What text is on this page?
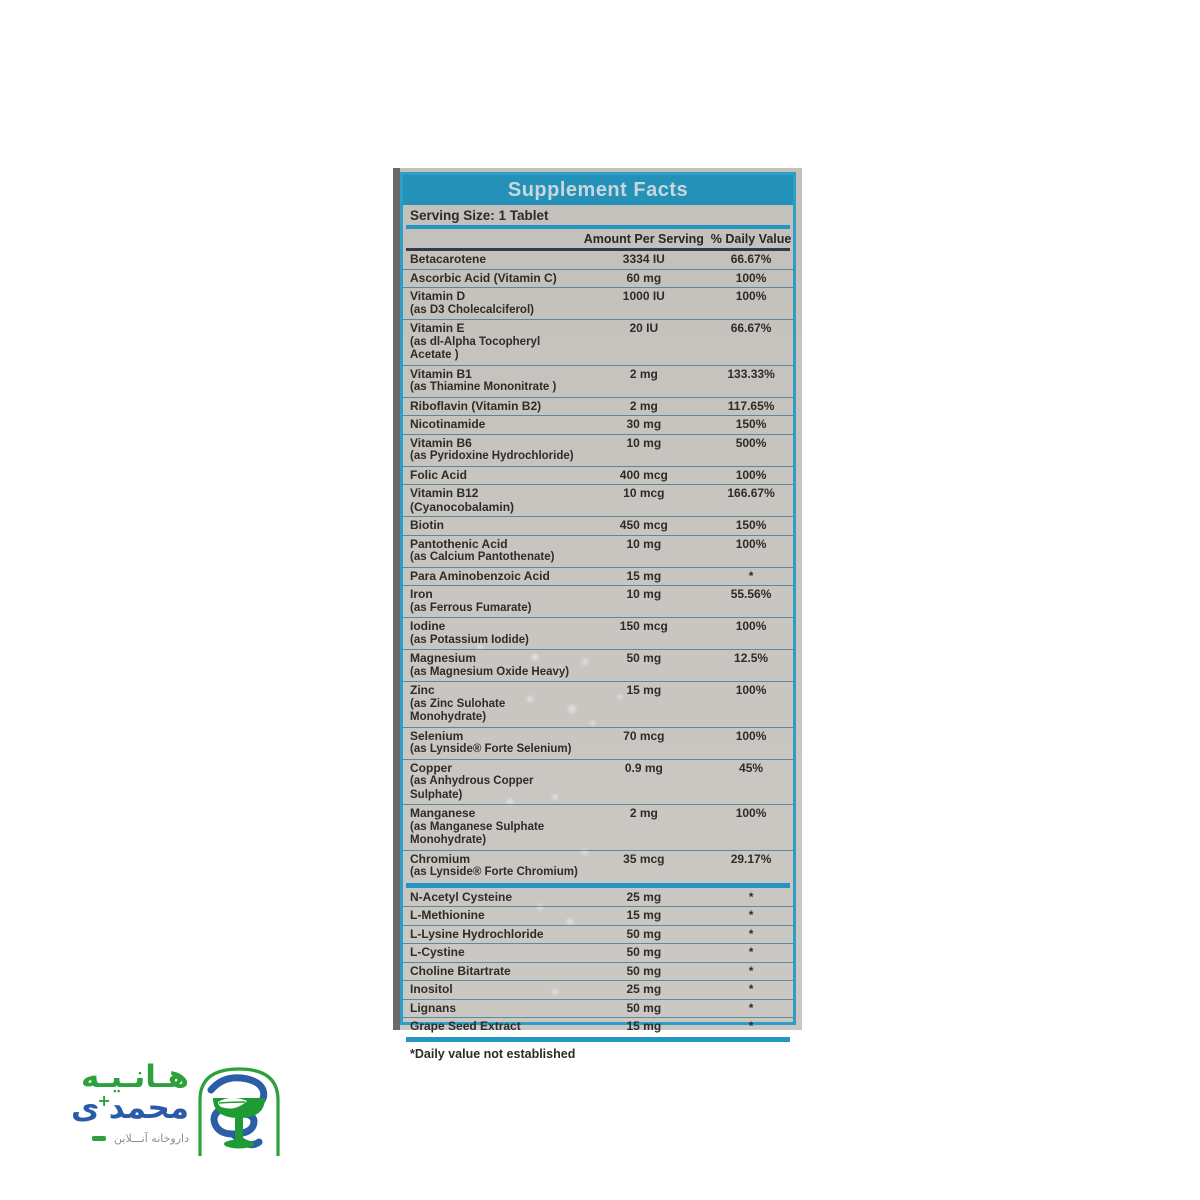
Supplement Facts
Serving Size: 1 Tablet
Amount Per Serving % Daily Value
Betacarotene	3334 IU	66.67%
Ascorbic Acid (Vitamin C)	60 mg	100%
Vitamin D
(as D3 Cholecalciferol)
1000 IU	100%
Vitamin E
(as dl-Alpha Tocopheryl Acetate )
20 IU	66.67%
Vitamin B1
(as Thiamine Mononitrate )
2 mg	133.33%
Riboflavin (Vitamin B2)	2 mg	117.65%
Nicotinamide	30 mg	150%
Vitamin B6
(as Pyridoxine Hydrochloride)
10 mg	500%
Folic Acid	400 mcg	100%
Vitamin B12 (Cyanocobalamin)
10 mcg	166.67%
Biotin	450 mcg	150%
Pantothenic Acid
(as Calcium Pantothenate)
10 mg	100%
Para Aminobenzoic Acid	15 mg	*
Iron
(as Ferrous Fumarate)
10 mg	55.56%
Iodine
(as Potassium Iodide)
150 mcg	100%
Magnesium
(as Magnesium Oxide Heavy)
50 mg	12.5%
Zinc
(as Zinc Sulohate Monohydrate)
15 mg	100%
Selenium
(as Lynside® Forte Selenium)
70 mcg	100%
Copper
(as Anhydrous Copper Sulphate)
0.9 mg	45%
Manganese
(as Manganese Sulphate Monohydrate)
2 mg	100%
Chromium
(as Lynside® Forte Chromium)
35 mcg	29.17%
N-Acetyl Cysteine	25 mg	*
L-Methionine	15 mg	*
L-Lysine Hydrochloride	50 mg	*
L-Cystine	50 mg	*
Choline Bitartrate	50 mg	*
Inositol	25 mg	*
Lignans	50 mg	*
Grape Seed Extract	15 mg	*
*Daily value not established
هـانـیـه
محمد+ی
داروخانه آنـــلاین
